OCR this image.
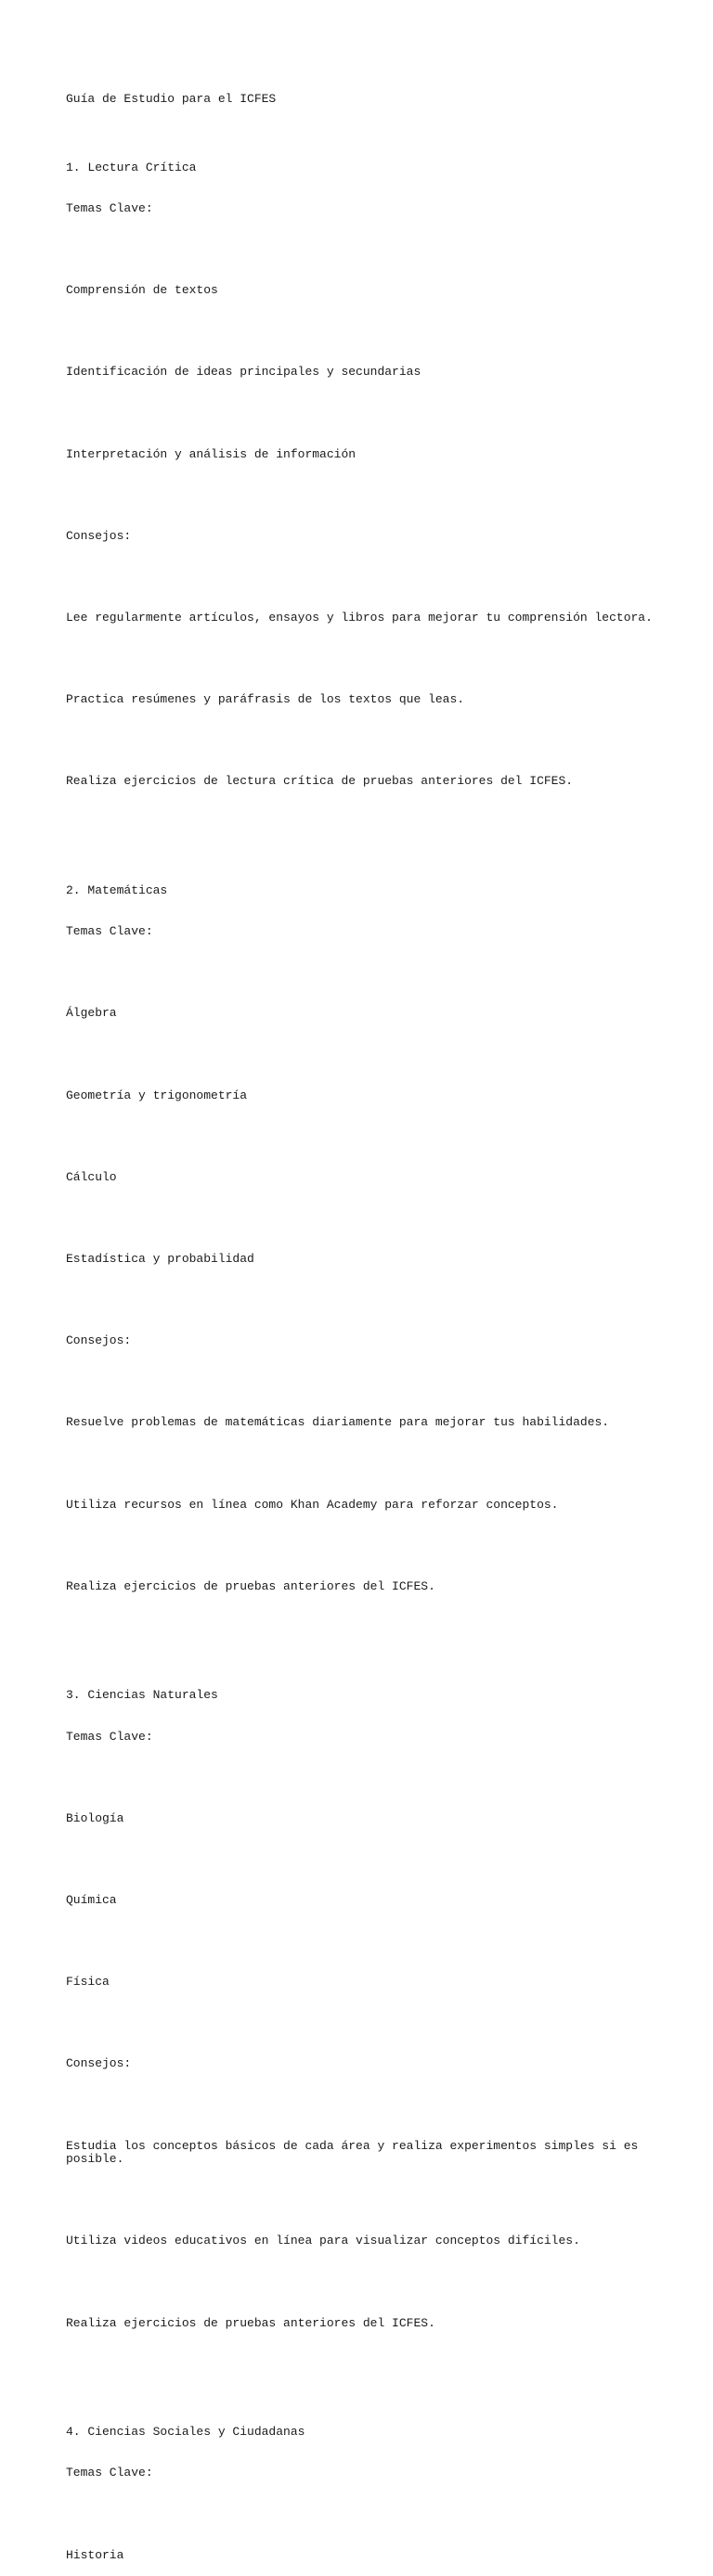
Guía de Estudio para el ICFES

1. Lectura Crítica

Temas Clave:

Comprensión de textos

Identificación de ideas principales y secundarias

Interpretación y análisis de información

Consejos:

Lee regularmente artículos, ensayos y libros para mejorar tu comprensión lectora.

Practica resúmenes y paráfrasis de los textos que leas.

Realiza ejercicios de lectura crítica de pruebas anteriores del ICFES.

2. Matemáticas

Temas Clave:

Álgebra

Geometría y trigonometría

Cálculo

Estadística y probabilidad

Consejos:

Resuelve problemas de matemáticas diariamente para mejorar tus habilidades.

Utiliza recursos en línea como Khan Academy para reforzar conceptos.

Realiza ejercicios de pruebas anteriores del ICFES.

3. Ciencias Naturales

Temas Clave:

Biología

Química

Física

Consejos:

Estudia los conceptos básicos de cada área y realiza experimentos simples si es posible.

Utiliza videos educativos en línea para visualizar conceptos difíciles.

Realiza ejercicios de pruebas anteriores del ICFES.

4. Ciencias Sociales y Ciudadanas

Temas Clave:

Historia
